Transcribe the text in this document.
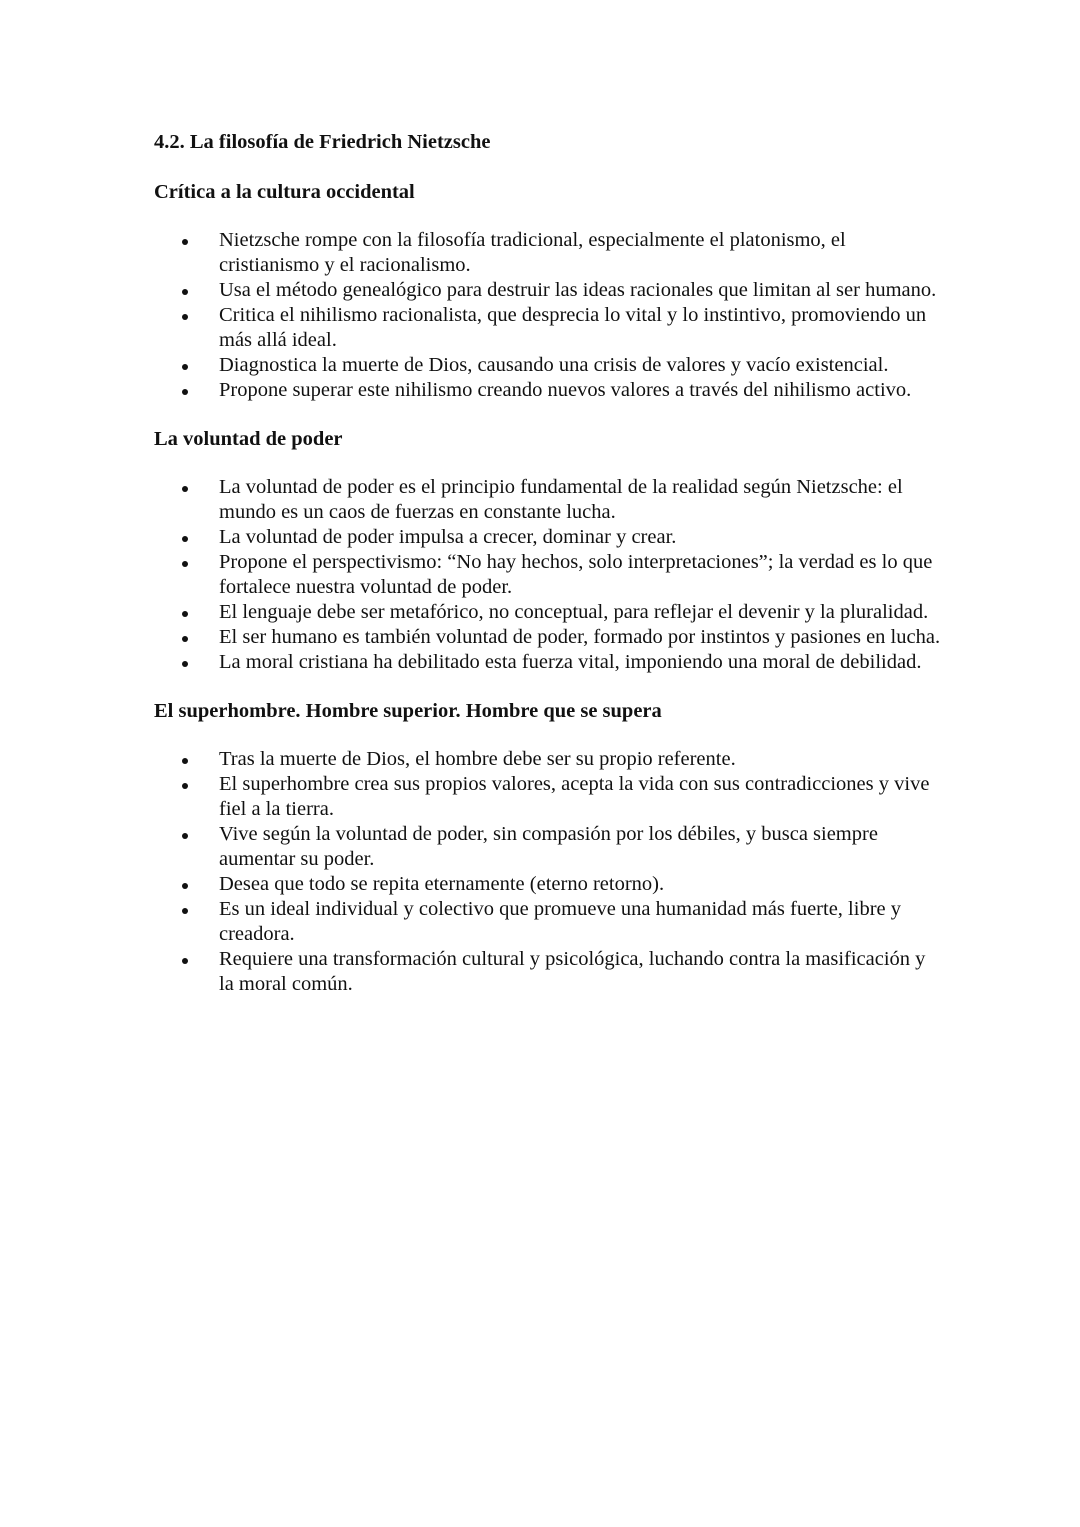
4.2. La filosofía de Friedrich Nietzsche
Crítica a la cultura occidental
Nietzsche rompe con la filosofía tradicional, especialmente el platonismo, el cristianismo y el racionalismo.
Usa el método genealógico para destruir las ideas racionales que limitan al ser humano.
Critica el nihilismo racionalista, que desprecia lo vital y lo instintivo, promoviendo un más allá ideal.
Diagnostica la muerte de Dios, causando una crisis de valores y vacío existencial.
Propone superar este nihilismo creando nuevos valores a través del nihilismo activo.
La voluntad de poder
La voluntad de poder es el principio fundamental de la realidad según Nietzsche: el mundo es un caos de fuerzas en constante lucha.
La voluntad de poder impulsa a crecer, dominar y crear.
Propone el perspectivismo: “No hay hechos, solo interpretaciones”; la verdad es lo que fortalece nuestra voluntad de poder.
El lenguaje debe ser metafórico, no conceptual, para reflejar el devenir y la pluralidad.
El ser humano es también voluntad de poder, formado por instintos y pasiones en lucha.
La moral cristiana ha debilitado esta fuerza vital, imponiendo una moral de debilidad.
El superhombre. Hombre superior. Hombre que se supera
Tras la muerte de Dios, el hombre debe ser su propio referente.
El superhombre crea sus propios valores, acepta la vida con sus contradicciones y vive fiel a la tierra.
Vive según la voluntad de poder, sin compasión por los débiles, y busca siempre aumentar su poder.
Desea que todo se repita eternamente (eterno retorno).
Es un ideal individual y colectivo que promueve una humanidad más fuerte, libre y creadora.
Requiere una transformación cultural y psicológica, luchando contra la masificación y la moral común.
